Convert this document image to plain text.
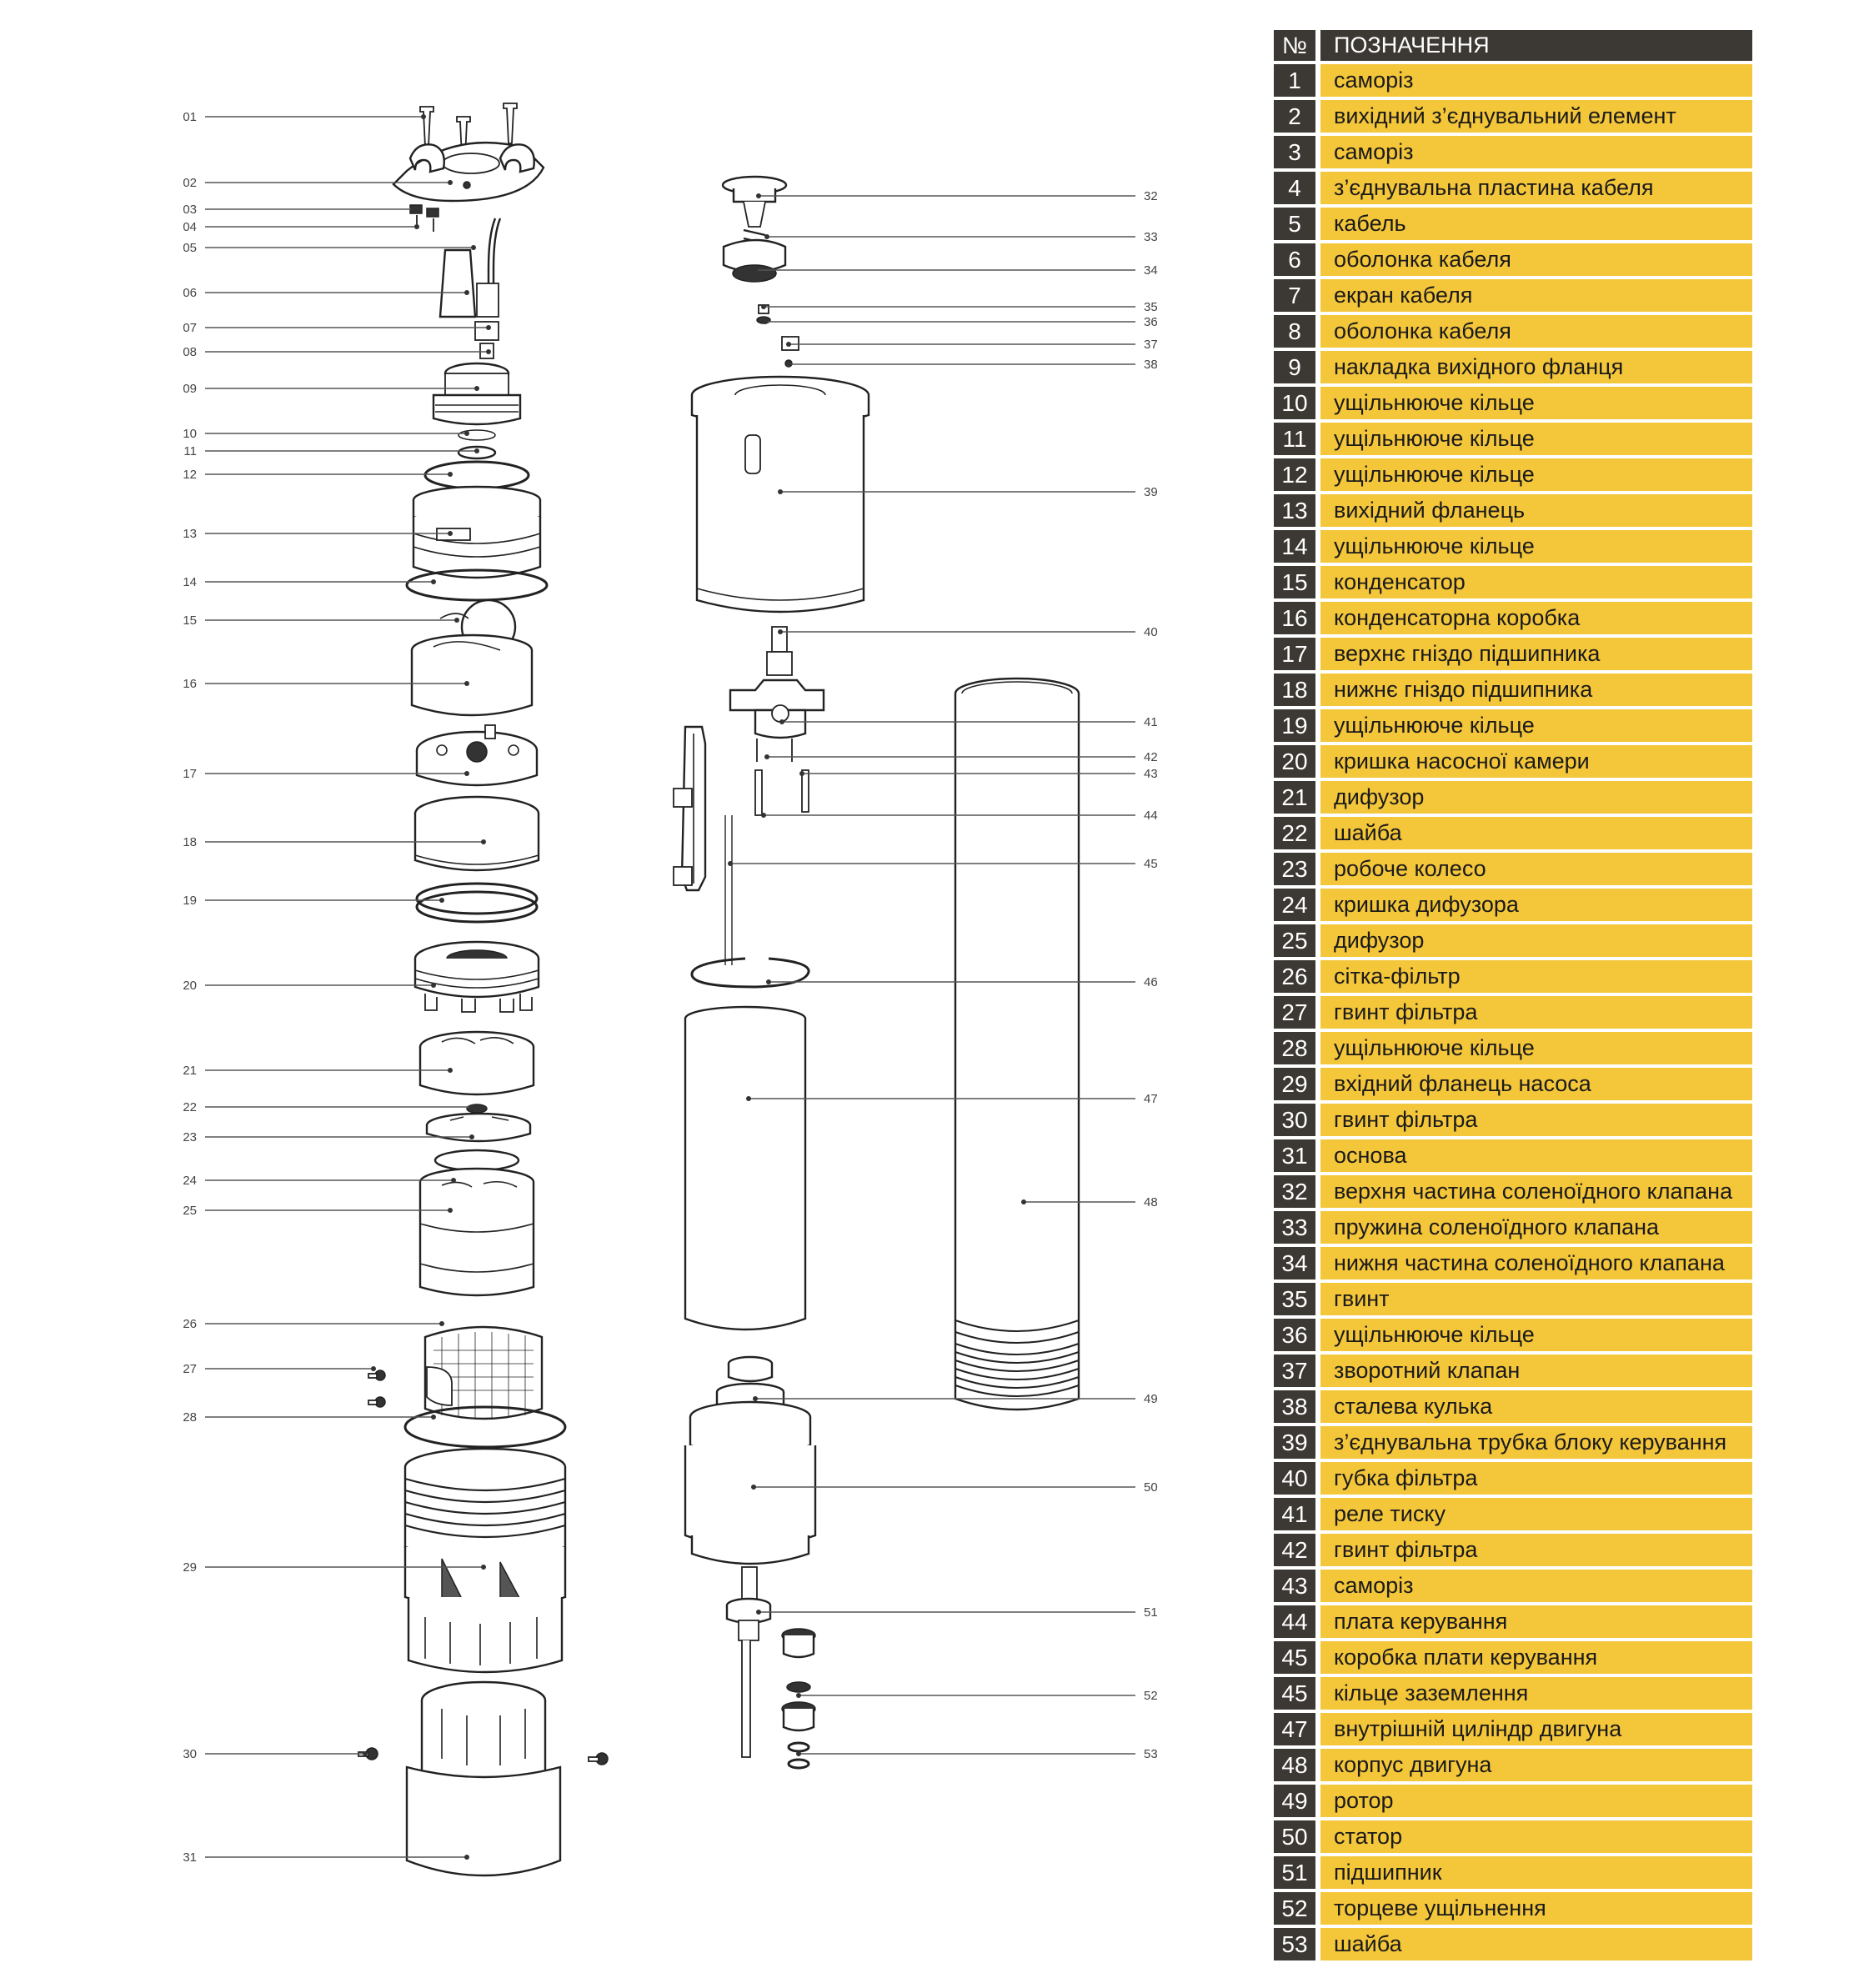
01
02
03
04
05
06
07
08
09
10
11
12
13
14
15
16
17
18
19
20
21
22
23
24
25
26
27
28
29
30
31
32
33
34
35
36
37
38
39
40
41
42
43
44
45
46
47
48
49
50
51
52
53
№	ПОЗНАЧЕННЯ
1	саморіз
2	вихідний з’єднувальний елемент
3	саморіз
4	з’єднувальна пластина кабеля
5	кабель
6	оболонка кабеля
7	екран кабеля
8	оболонка кабеля
9	накладка вихідного фланця
10	ущільнююче кільце
11	ущільнююче кільце
12	ущільнююче кільце
13	вихідний фланець
14	ущільнююче кільце
15	конденсатор
16	конденсаторна коробка
17	верхнє гніздо підшипника
18	нижнє гніздо підшипника
19	ущільнююче кільце
20	кришка насосної камери
21	дифузор
22	шайба
23	робоче колесо
24	кришка дифузора
25	дифузор
26	сітка-фільтр
27	гвинт фільтра
28	ущільнююче кільце
29	вхідний фланець насоса
30	гвинт фільтра
31	основа
32	верхня частина соленоїдного клапана
33	пружина соленоїдного клапана
34	нижня частина соленоїдного клапана
35	гвинт
36	ущільнююче кільце
37	зворотний клапан
38	сталева кулька
39	з’єднувальна трубка блоку керування
40	губка фільтра
41	реле тиску
42	гвинт фільтра
43	саморіз
44	плата керування
45	коробка плати керування
45	кільце заземлення
47	внутрішній циліндр двигуна
48	корпус двигуна
49	ротор
50	статор
51	підшипник
52	торцеве ущільнення
53	шайба
